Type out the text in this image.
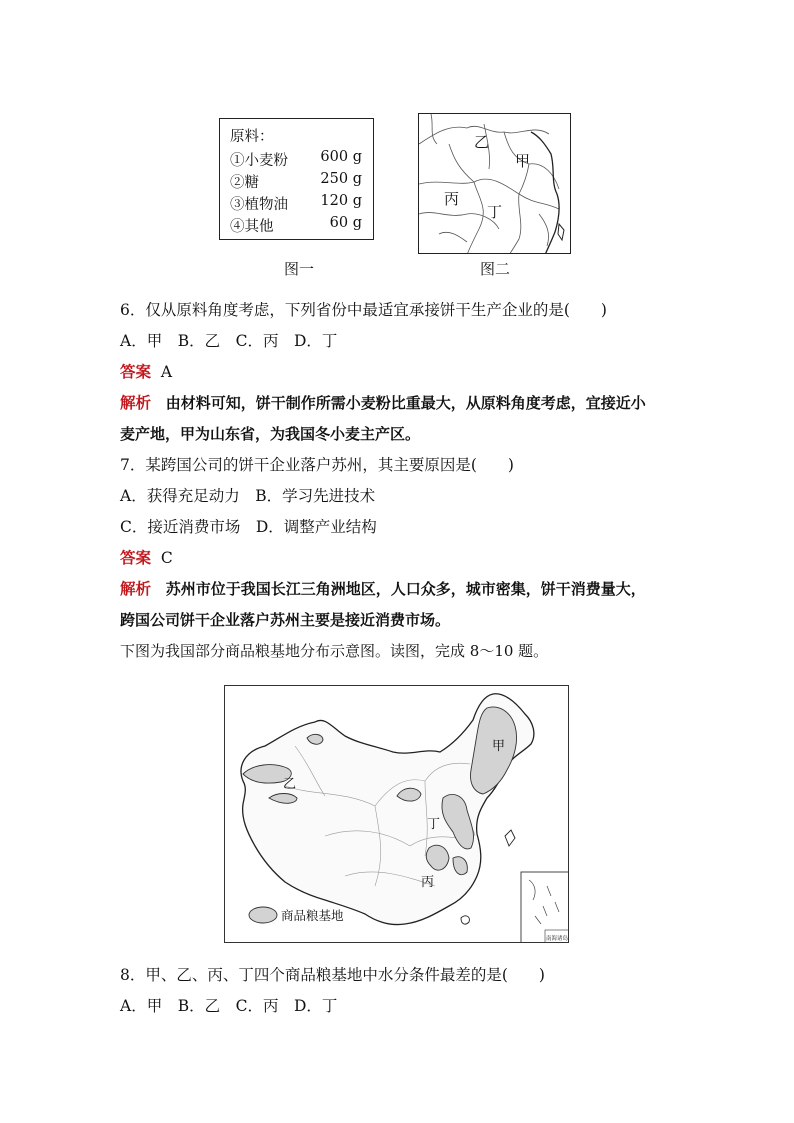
原料：
①小麦粉 600 g
②糖	250 g
③植物油 120 g
④其他	60 g
图一
乙
甲
丙
丁
图二
6．仅从原料角度考虑，下列省份中最适宜承接饼干生产企业的是(　　)
A．甲　B．乙　C．丙　D．丁
答案 A
解析 由材料可知，饼干制作所需小麦粉比重最大，从原料角度考虑，宜接近小
麦产地，甲为山东省，为我国冬小麦主产区。
7．某跨国公司的饼干企业落户苏州，其主要原因是(　　)
A．获得充足动力　B．学习先进技术
C．接近消费市场　D．调整产业结构
答案 C
解析 苏州市位于我国长江三角洲地区，人口众多，城市密集，饼干消费量大，
跨国公司饼干企业落户苏州主要是接近消费市场。
下图为我国部分商品粮基地分布示意图。读图，完成 8～10 题。
甲
乙
丁
丙
商品粮基地
南海诸岛
8．甲、乙、丙、丁四个商品粮基地中水分条件最差的是(　　)
A．甲　B．乙　C．丙　D．丁
